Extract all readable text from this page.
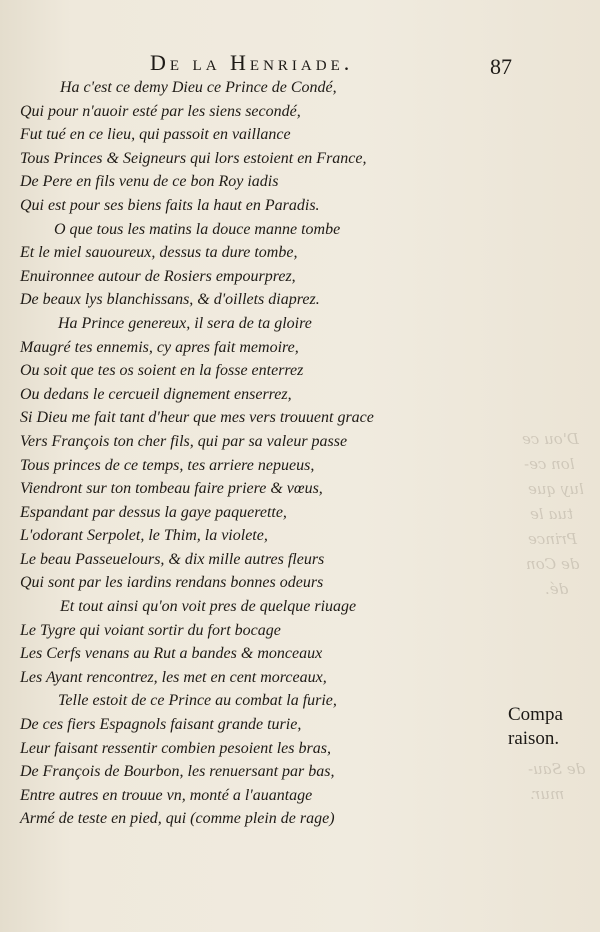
D'ou ce
lon ce-
luy que
tua le
Prince
de Con
dé.
de Sau-
mur.
De la Henriade.	87
Ha c'est ce demy Dieu ce Prince de Condé,
Qui pour n'auoir esté par les siens secondé,
Fut tué en ce lieu, qui passoit en vaillance
Tous Princes & Seigneurs qui lors estoient en France,
De Pere en fils venu de ce bon Roy iadis
Qui est pour ses biens faits la haut en Paradis.
O que tous les matins la douce manne tombe
Et le miel sauoureux, dessus ta dure tombe,
Enuironnee autour de Rosiers empourprez,
De beaux lys blanchissans, & d'oillets diaprez.
Ha Prince genereux, il sera de ta gloire
Maugré tes ennemis, cy apres fait memoire,
Ou soit que tes os soient en la fosse enterrez
Ou dedans le cercueil dignement enserrez,
Si Dieu me fait tant d'heur que mes vers trouuent grace
Vers François ton cher fils, qui par sa valeur passe
Tous princes de ce temps, tes arriere nepueus,
Viendront sur ton tombeau faire priere & vœus,
Espandant par dessus la gaye paquerette,
L'odorant Serpolet, le Thim, la violete,
Le beau Passeuelours, & dix mille autres fleurs
Qui sont par les iardins rendans bonnes odeurs
Et tout ainsi qu'on voit pres de quelque riuage
Le Tygre qui voiant sortir du fort bocage
Les Cerfs venans au Rut a bandes & monceaux
Les Ayant rencontrez, les met en cent morceaux,
Telle estoit de ce Prince au combat la furie,
De ces fiers Espagnols faisant grande turie,
Leur faisant ressentir combien pesoient les bras,
De François de Bourbon, les renuersant par bas,
Entre autres en trouue vn, monté a l'auantage
Armé de teste en pied, qui (comme plein de rage)
Compa
raison.
